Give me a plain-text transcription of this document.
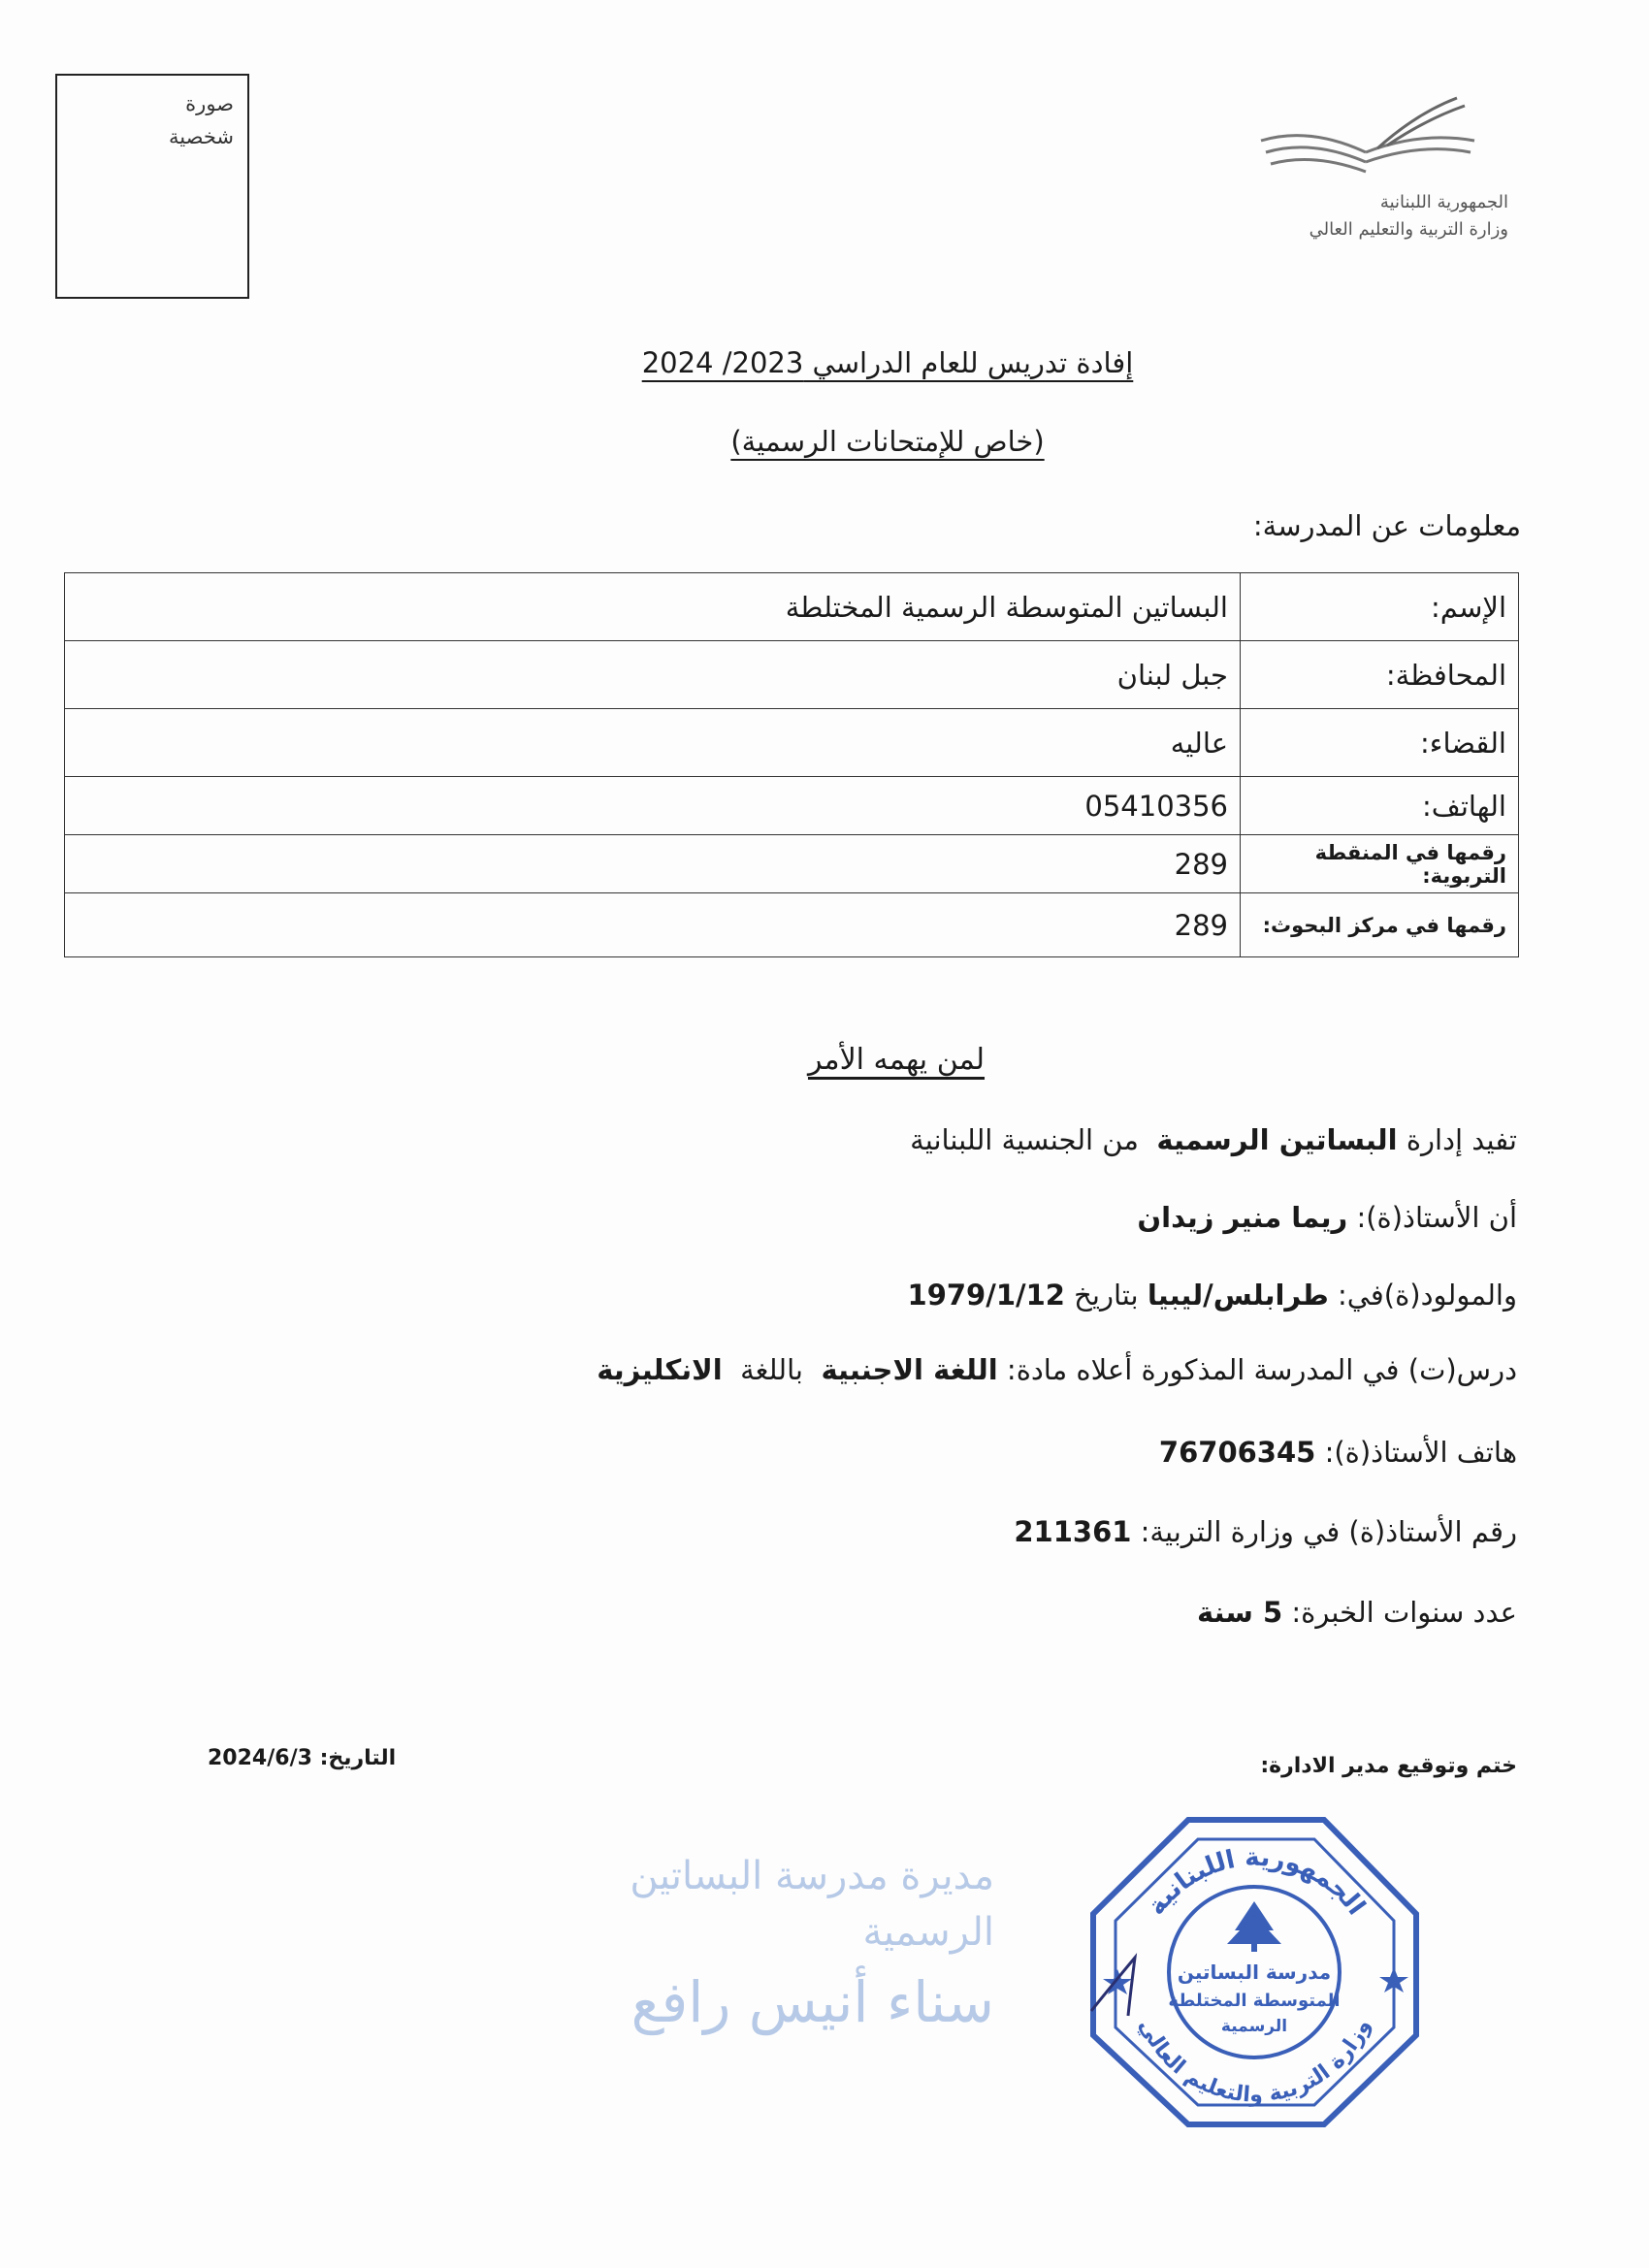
صورة
شخصية
الجمهورية اللبنانية
وزارة التربية والتعليم العالي
إفادة تدريس للعام الدراسي 2023/ 2024
(خاص للإمتحانات الرسمية)
معلومات عن المدرسة:
الإسم:	البساتين المتوسطة الرسمية المختلطة
المحافظة:	جبل لبنان
القضاء:	عاليه
الهاتف:	05410356
رقمها في المنقطة التربوية:	289
رقمها في مركز البحوث:	289
لمن يهمه الأمر
تفيد إدارة البساتين الرسمية  من الجنسية اللبنانية
أن الأستاذ(ة): ريما منير زيدان
والمولود(ة)في: طرابلس/ليبيا بتاريخ 1979/1/12
درس(ت) في المدرسة المذكورة أعلاه مادة: اللغة الاجنبية  باللغة  الانكليزية
هاتف الأستاذ(ة): 76706345
رقم الأستاذ(ة) في وزارة التربية: 211361
عدد سنوات الخبرة: 5 سنة
التاريخ: 2024/6/3	ختم وتوقيع مدير الادارة:
مديرة مدرسة البساتين الرسمية
سناء أنيس رافع
الجمهورية اللبنانية
وزارة التربية والتعليم العالي
مدرسة البساتين
المتوسطة المختلطة
الرسمية
